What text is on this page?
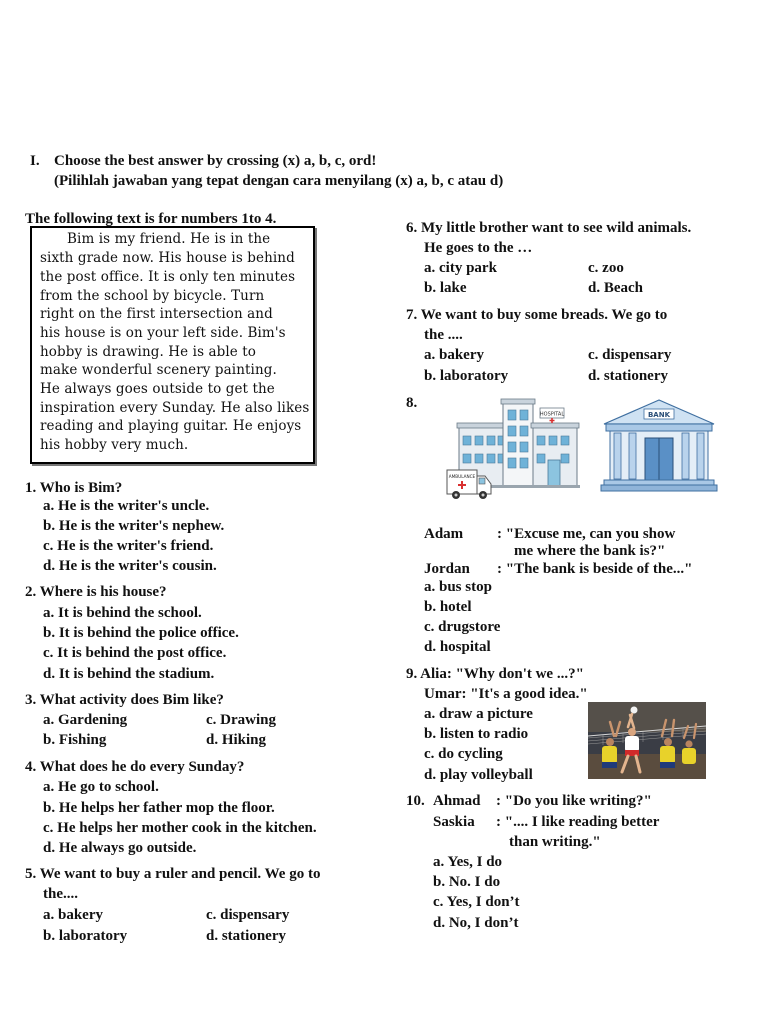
I. Choose the best answer by crossing (x) a, b, c, ord!
(Pilihlah jawaban yang tepat dengan cara menyilang (x) a, b, c atau d)
The following text is for numbers 1to 4.
Bim is my friend. He is in the
sixth grade now. His house is behind
the post office. It is only ten minutes
from the school by bicycle. Turn
right on the first intersection and
his house is on your left side. Bim's
hobby is drawing. He is able to
make wonderful scenery painting.
He always goes outside to get the
inspiration every Sunday. He also likes
reading and playing guitar. He enjoys
his hobby very much.
1. Who is Bim?
a. He is the writer's uncle.
b. He is the writer's nephew.
c. He is the writer's friend.
d. He is the writer's cousin.
2. Where is his house?
a. It is behind the school.
b. It is behind the police office.
c. It is behind the post office.
d. It is behind the stadium.
3. What activity does Bim like?
a. Gardening	c. Drawing
b. Fishing	d. Hiking
4. What does he do every Sunday?
a. He go to school.
b. He helps her father mop the floor.
c. He helps her mother cook in the kitchen.
d. He always go outside.
5. We want to buy a ruler and pencil. We go to
the....
a. bakery	c. dispensary
b. laboratory	d. stationery
6. My little brother want to see wild animals.
He goes to the …
a. city park	c. zoo
b. lake	d. Beach
7. We want to buy some breads. We go to
the ....
a. bakery	c. dispensary
b. laboratory	d. stationery
8.
HOSPITAL
AMBULANCE
BANK
Adam : "Excuse me, can you show
me where the bank is?"
Jordan : "The bank is beside of the..."
a. bus stop
b. hotel
c. drugstore
d. hospital
9. Alia: "Why don't we ...?"
Umar: "It's a good idea."
a. draw a picture
b. listen to radio
c. do cycling
d. play volleyball
10. Ahmad : "Do you like writing?"
Saskia : ".... I like reading better
than writing."
a. Yes, I do
b. No. I do
c. Yes, I don’t
d. No, I don’t
